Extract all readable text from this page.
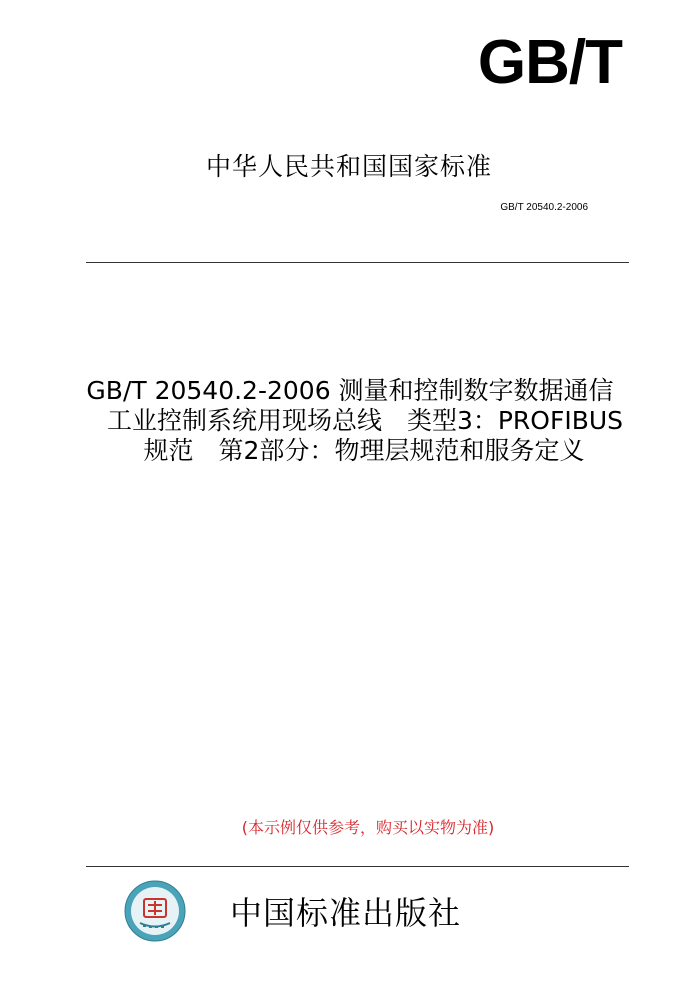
GB/T
中华人民共和国国家标准
GB/T 20540.2-2006
GB/T 20540.2-2006 测量和控制数字数据通信
工业控制系统用现场总线　类型3：PROFIBUS
规范　第2部分：物理层规范和服务定义
(本示例仅供参考，购买以实物为准)
中国标准出版社
